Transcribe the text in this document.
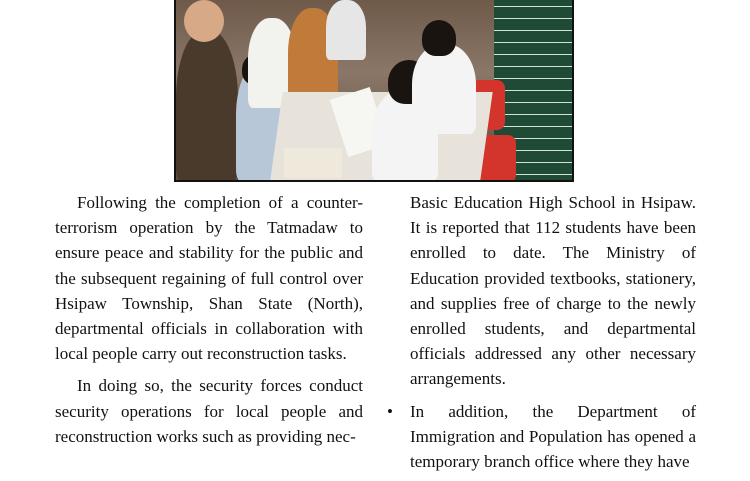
Following the completion of a counter-terrorism operation by the Tatmadaw to ensure peace and stability for the public and the subsequent regaining of full control over Hsipaw Township, Shan State (North), departmental officials in collaboration with local people carry out reconstruction tasks.

In doing so, the security forces conduct security operations for local people and reconstruction works such as providing nec-

Basic Education High School in Hsipaw. It is reported that 112 students have been enrolled to date. The Ministry of Education provided textbooks, stationery, and supplies free of charge to the newly enrolled students, and departmental officials addressed any other necessary arrangements.

• In addition, the Department of Immigration and Population has opened a temporary branch office where they have
